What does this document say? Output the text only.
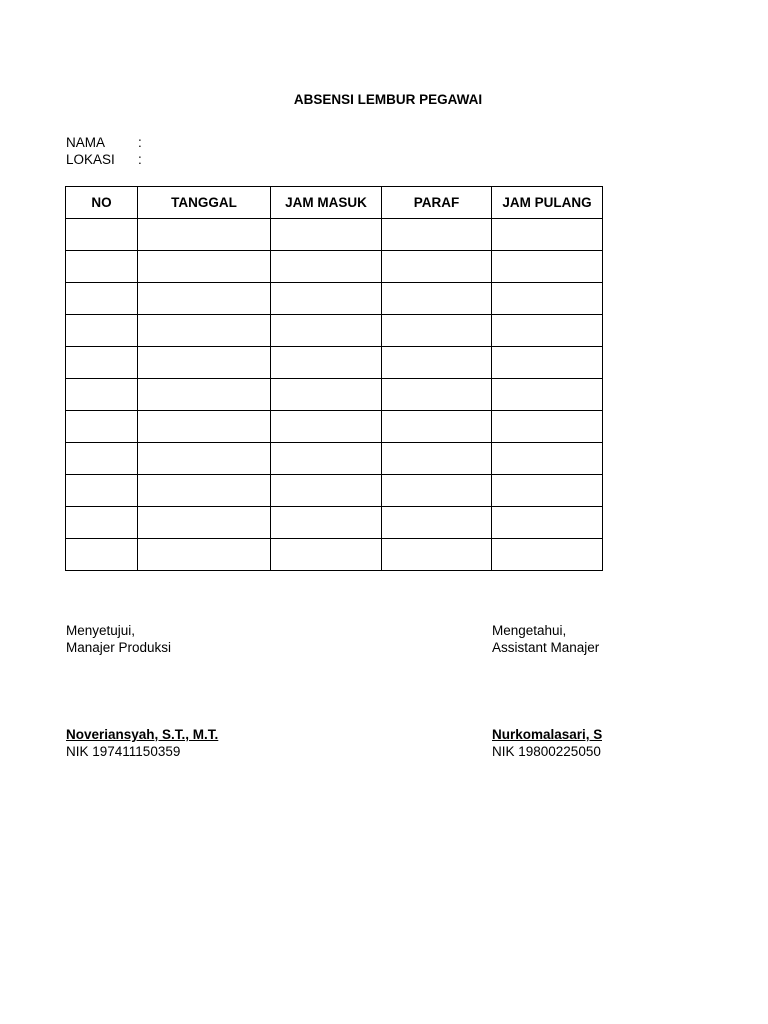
ABSENSI LEMBUR PEGAWAI
NAMA :
LOKASI :
NO	TANGGAL	JAM MASUK	PARAF	JAM PULANG

Menyetujui,
Manajer Produksi
Noveriansyah, S.T., M.T.
NIK 197411150359
Mengetahui,
Assistant Manajer
Nurkomalasari, S
NIK 19800225050
